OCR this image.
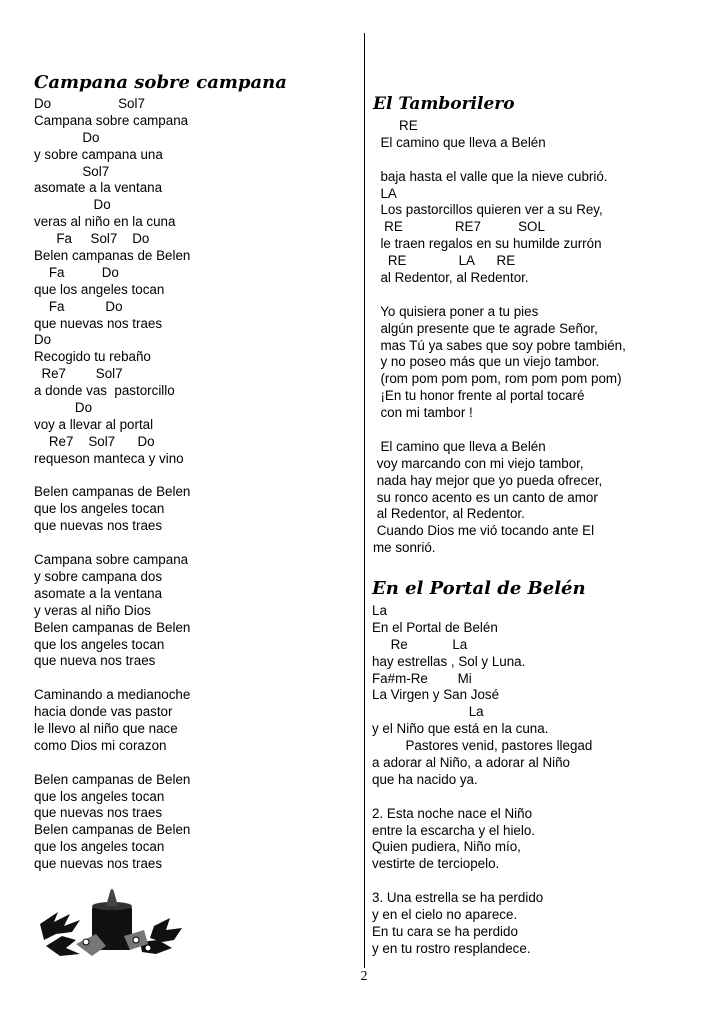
Campana sobre campana
Do                  Sol7
Campana sobre campana
Do
y sobre campana una
Sol7
asomate a la ventana
Do
veras al niño en la cuna
Fa     Sol7    Do
Belen campanas de Belen
Fa          Do
que los angeles tocan
Fa           Do
que nuevas nos traes
Do
Recogido tu rebaño
Re7        Sol7
a donde vas  pastorcillo
Do
voy a llevar al portal
Re7    Sol7      Do
requeson manteca y vino
Belen campanas de Belen
que los angeles tocan
que nuevas nos traes
Campana sobre campana
y sobre campana dos
asomate a la ventana
y veras al niño Dios
Belen campanas de Belen
que los angeles tocan
que nueva nos traes
Caminando a medianoche
hacia donde vas pastor
le llevo al niño que nace
como Dios mi corazon
Belen campanas de Belen
que los angeles tocan
que nuevas nos traes
Belen campanas de Belen
que los angeles tocan
que nuevas nos traes
El Tamborilero
RE
El camino que lleva a Belén
baja hasta el valle que la nieve cubrió.
LA
Los pastorcillos quieren ver a su Rey,
RE              RE7          SOL
le traen regalos en su humilde zurrón
RE              LA      RE
al Redentor, al Redentor.
Yo quisiera poner a tu pies
algún presente que te agrade Señor,
mas Tú ya sabes que soy pobre también,
y no poseo más que un viejo tambor.
(rom pom pom pom, rom pom pom pom)
¡En tu honor frente al portal tocaré
con mi tambor !
El camino que lleva a Belén
voy marcando con mi viejo tambor,
nada hay mejor que yo pueda ofrecer,
su ronco acento es un canto de amor
al Redentor, al Redentor.
Cuando Dios me vió tocando ante El
me sonrió.
En el Portal de Belén
La
En el Portal de Belén
Re            La
hay estrellas , Sol y Luna.
Fa#m-Re        Mi
La Virgen y San José
La
y el Niño que está en la cuna.
Pastores venid, pastores llegad
a adorar al Niño, a adorar al Niño
que ha nacido ya.
2. Esta noche nace el Niño
entre la escarcha y el hielo.
Quien pudiera, Niño mío,
vestirte de terciopelo.
3. Una estrella se ha perdido
y en el cielo no aparece.
En tu cara se ha perdido
y en tu rostro resplandece.
2
